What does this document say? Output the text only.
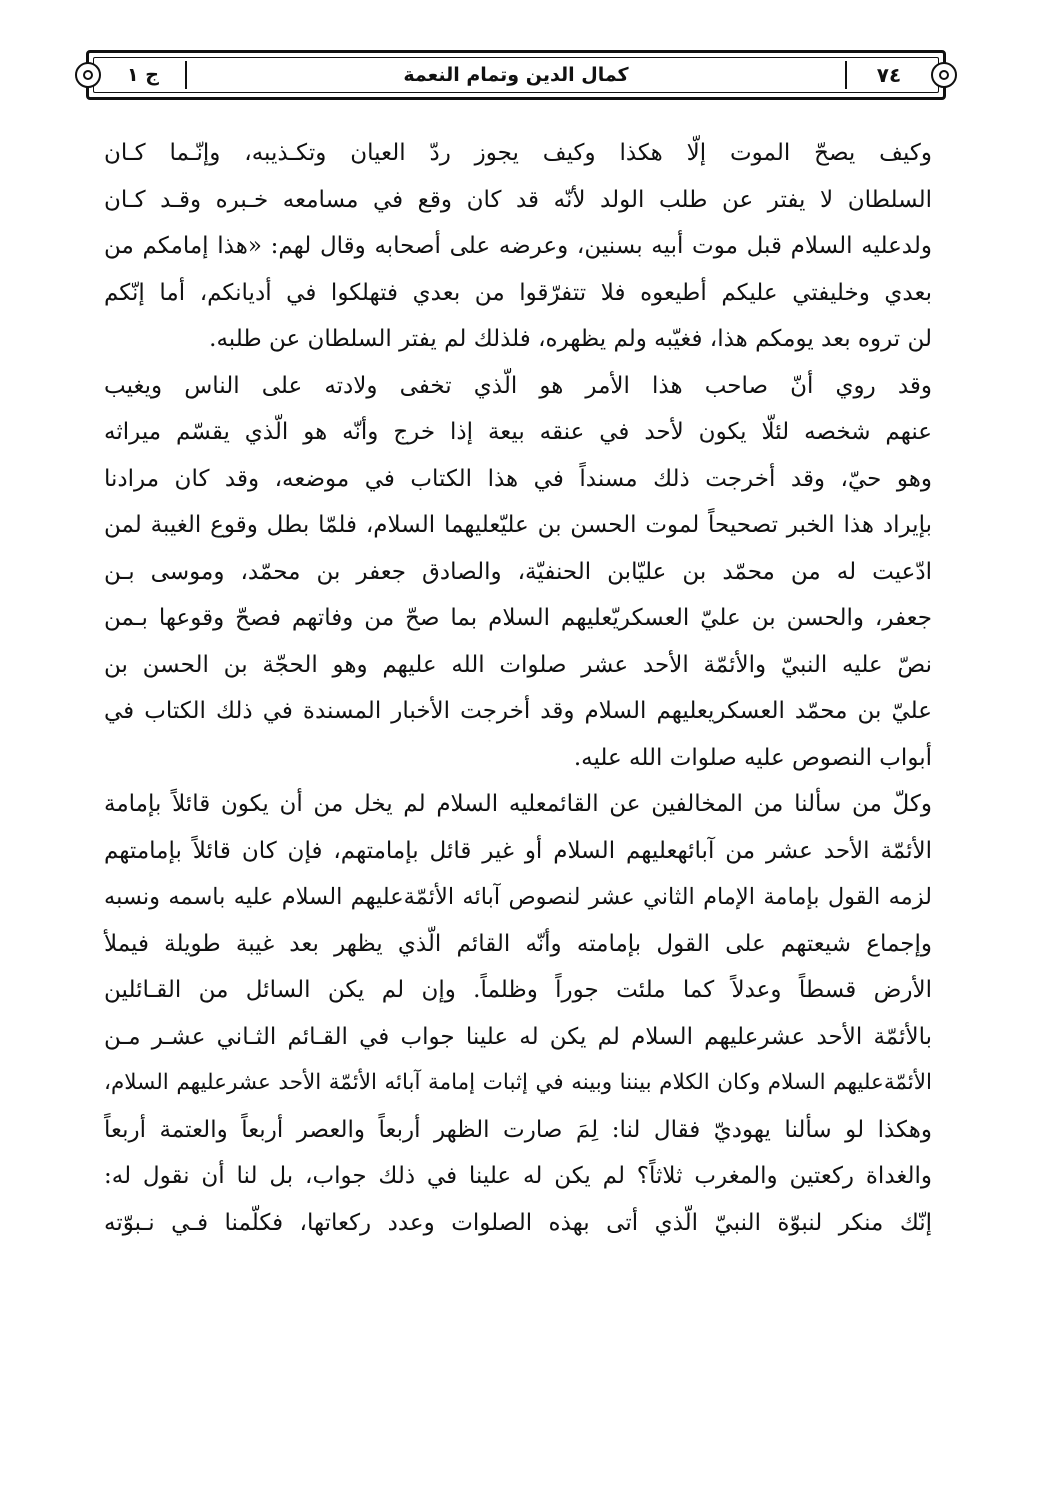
٧٤
كمال الدين وتمام النعمة
ج ١
وكيف يصحّ الموت إلّا هكذا وكيف يجوز ردّ العيان وتكـذيبه، وإنّـما كـان
السلطان لا يفتر عن طلب الولد لأنّه قد كان وقع في مسامعه خـبره وقـد كـان
ولدعليه السلام قبل موت أبيه بسنين، وعرضه على أصحابه وقال لهم: «هذا إمامكم من
بعدي وخليفتي عليكم أطيعوه فلا تتفرّقوا من بعدي فتهلكوا في أديانكم، أما إنّكم
لن تروه بعد يومكم هذا، فغيّبه ولم يظهره، فلذلك لم يفتر السلطان عن طلبه.
وقد روي أنّ صاحب هذا الأمر هو الّذي تخفى ولادته على الناس ويغيب
عنهم شخصه لئلّا يكون لأحد في عنقه بيعة إذا خرج وأنّه هو الّذي يقسّم ميراثه
وهو حيّ، وقد أخرجت ذلك مسنداً في هذا الكتاب في موضعه، وقد كان مرادنا
بإيراد هذا الخبر تصحيحاً لموت الحسن بن عليّعليهما السلام، فلمّا بطل وقوع الغيبة لمن
ادّعيت له من محمّد بن عليّابن الحنفيّة، والصادق جعفر بن محمّد، وموسى بـن
جعفر، والحسن بن عليّ العسكريّعليهم السلام بما صحّ من وفاتهم فصحّ وقوعها بـمن
نصّ عليه النبيّ والأئمّة الأحد عشر صلوات الله عليهم وهو الحجّة بن الحسن بن
عليّ بن محمّد العسكريعليهم السلام وقد أخرجت الأخبار المسندة في ذلك الكتاب في
أبواب النصوص عليه صلوات الله عليه.
وكلّ من سألنا من المخالفين عن القائمعليه السلام لم يخل من أن يكون قائلاً بإمامة
الأئمّة الأحد عشر من آبائهعليهم السلام أو غير قائل بإمامتهم، فإن كان قائلاً بإمامتهم
لزمه القول بإمامة الإمام الثاني عشر لنصوص آبائه الأئمّةعليهم السلام عليه باسمه ونسبه
وإجماع شيعتهم على القول بإمامته وأنّه القائم الّذي يظهر بعد غيبة طويلة فيملأ
الأرض قسطاً وعدلاً كما ملئت جوراً وظلماً. وإن لم يكن السائل من القـائلين
بالأئمّة الأحد عشرعليهم السلام لم يكن له علينا جواب في القـائم الثـاني عشـر مـن
الأئمّةعليهم السلام وكان الكلام بيننا وبينه في إثبات إمامة آبائه الأئمّة الأحد عشرعليهم السلام،
وهكذا لو سألنا يهوديّ فقال لنا: لِمَ صارت الظهر أربعاً والعصر أربعاً والعتمة أربعاً
والغداة ركعتين والمغرب ثلاثاً؟ لم يكن له علينا في ذلك جواب، بل لنا أن نقول له:
إنّك منكر لنبوّة النبيّ الّذي أتى بهذه الصلوات وعدد ركعاتها، فكلّمنا فـي نـبوّته
